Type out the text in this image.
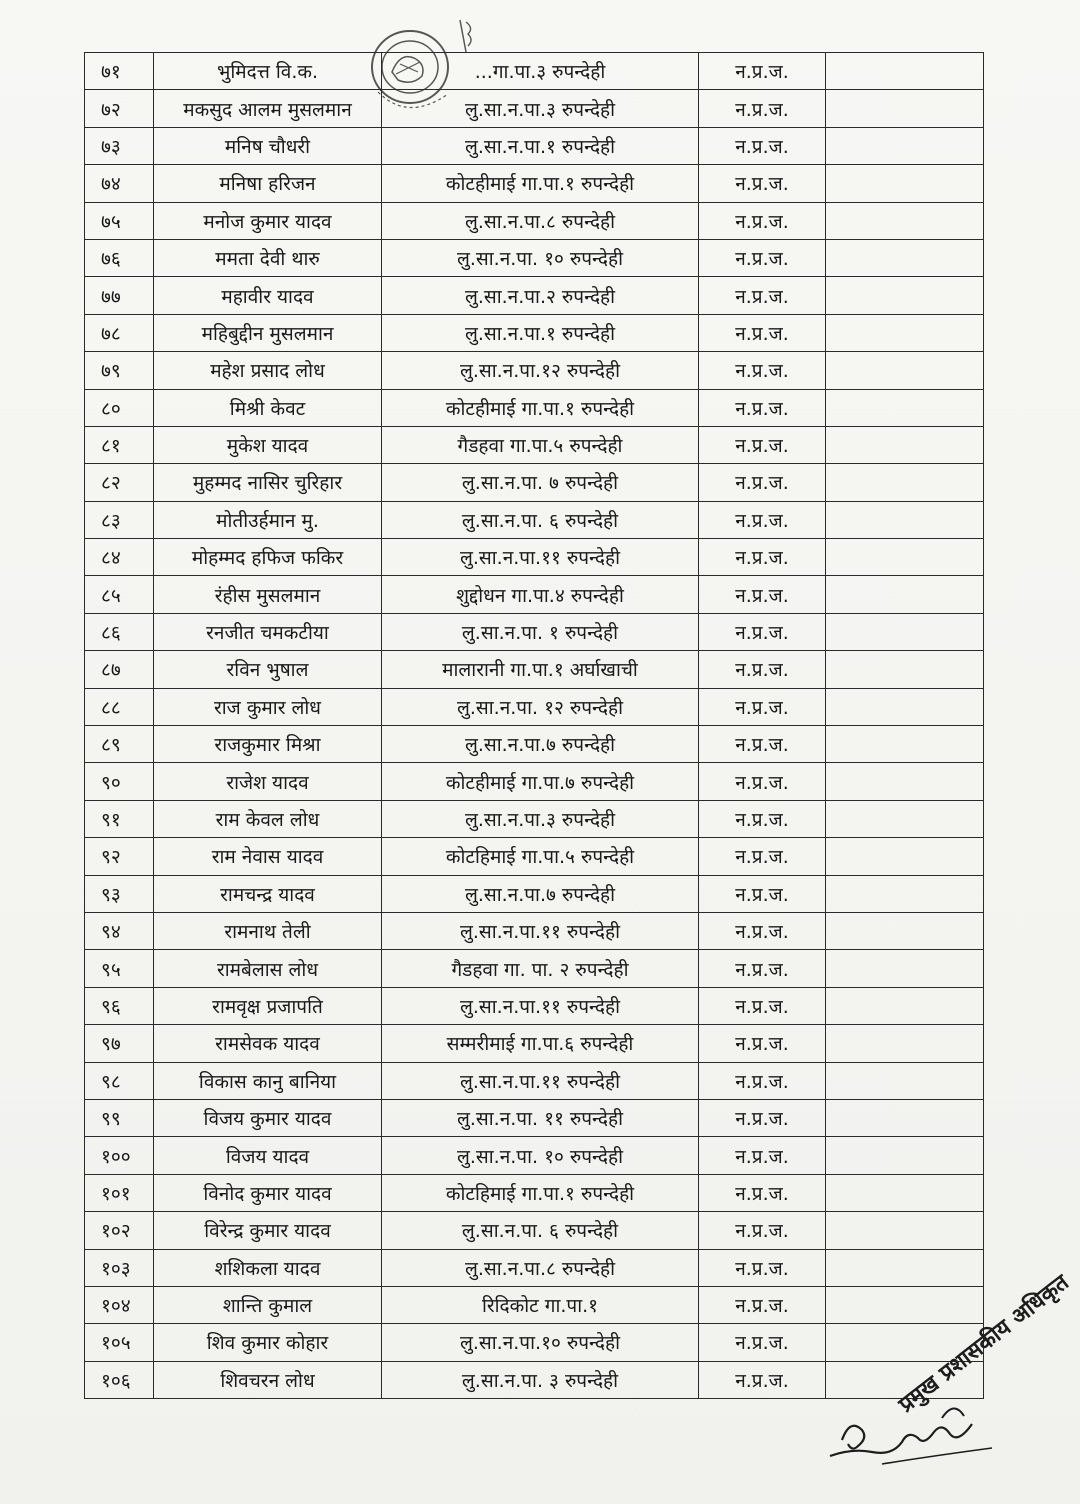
७१	भुमिदत्त वि.क.	...गा.पा.३ रुपन्देही	न.प्र.ज.	
७२	मकसुद आलम मुसलमान	लु.सा.न.पा.३ रुपन्देही	न.प्र.ज.	
७३	मनिष चौधरी	लु.सा.न.पा.१ रुपन्देही	न.प्र.ज.	
७४	मनिषा हरिजन	कोटहीमाई गा.पा.१ रुपन्देही	न.प्र.ज.	
७५	मनोज कुमार यादव	लु.सा.न.पा.८ रुपन्देही	न.प्र.ज.	
७६	ममता देवी थारु	लु.सा.न.पा. १० रुपन्देही	न.प्र.ज.	
७७	महावीर यादव	लु.सा.न.पा.२ रुपन्देही	न.प्र.ज.	
७८	महिबुद्दीन मुसलमान	लु.सा.न.पा.१ रुपन्देही	न.प्र.ज.	
७९	महेश प्रसाद लोध	लु.सा.न.पा.१२ रुपन्देही	न.प्र.ज.	
८०	मिश्री केवट	कोटहीमाई गा.पा.१ रुपन्देही	न.प्र.ज.	
८१	मुकेश यादव	गैडहवा गा.पा.५ रुपन्देही	न.प्र.ज.	
८२	मुहम्मद नासिर चुरिहार	लु.सा.न.पा. ७ रुपन्देही	न.प्र.ज.	
८३	मोतीउर्हमान मु.	लु.सा.न.पा. ६ रुपन्देही	न.प्र.ज.	
८४	मोहम्मद हफिज फकिर	लु.सा.न.पा.११ रुपन्देही	न.प्र.ज.	
८५	रंहीस मुसलमान	शुद्दोधन गा.पा.४ रुपन्देही	न.प्र.ज.	
८६	रनजीत चमकटीया	लु.सा.न.पा. १ रुपन्देही	न.प्र.ज.	
८७	रविन भुषाल	मालारानी गा.पा.१ अर्घाखाची	न.प्र.ज.	
८८	राज कुमार लोध	लु.सा.न.पा. १२ रुपन्देही	न.प्र.ज.	
८९	राजकुमार मिश्रा	लु.सा.न.पा.७ रुपन्देही	न.प्र.ज.	
९०	राजेश यादव	कोटहीमाई गा.पा.७ रुपन्देही	न.प्र.ज.	
९१	राम केवल लोध	लु.सा.न.पा.३ रुपन्देही	न.प्र.ज.	
९२	राम नेवास यादव	कोटहिमाई गा.पा.५ रुपन्देही	न.प्र.ज.	
९३	रामचन्द्र यादव	लु.सा.न.पा.७ रुपन्देही	न.प्र.ज.	
९४	रामनाथ तेली	लु.सा.न.पा.११ रुपन्देही	न.प्र.ज.	
९५	रामबेलास लोध	गैडहवा गा. पा. २ रुपन्देही	न.प्र.ज.	
९६	रामवृक्ष प्रजापति	लु.सा.न.पा.११ रुपन्देही	न.प्र.ज.	
९७	रामसेवक यादव	सम्मरीमाई गा.पा.६ रुपन्देही	न.प्र.ज.	
९८	विकास कानु बानिया	लु.सा.न.पा.११ रुपन्देही	न.प्र.ज.	
९९	विजय कुमार यादव	लु.सा.न.पा. ११ रुपन्देही	न.प्र.ज.	
१००	विजय यादव	लु.सा.न.पा. १० रुपन्देही	न.प्र.ज.	
१०१	विनोद कुमार यादव	कोटहिमाई गा.पा.१ रुपन्देही	न.प्र.ज.	
१०२	विरेन्द्र कुमार यादव	लु.सा.न.पा. ६ रुपन्देही	न.प्र.ज.	
१०३	शशिकला यादव	लु.सा.न.पा.८ रुपन्देही	न.प्र.ज.	
१०४	शान्ति कुमाल	रिदिकोट गा.पा.१	न.प्र.ज.	
१०५	शिव कुमार कोहार	लु.सा.न.पा.१० रुपन्देही	न.प्र.ज.	
१०६	शिवचरन लोध	लु.सा.न.पा. ३ रुपन्देही	न.प्र.ज.		प्रमुख प्रशासकीय अधिकृत
